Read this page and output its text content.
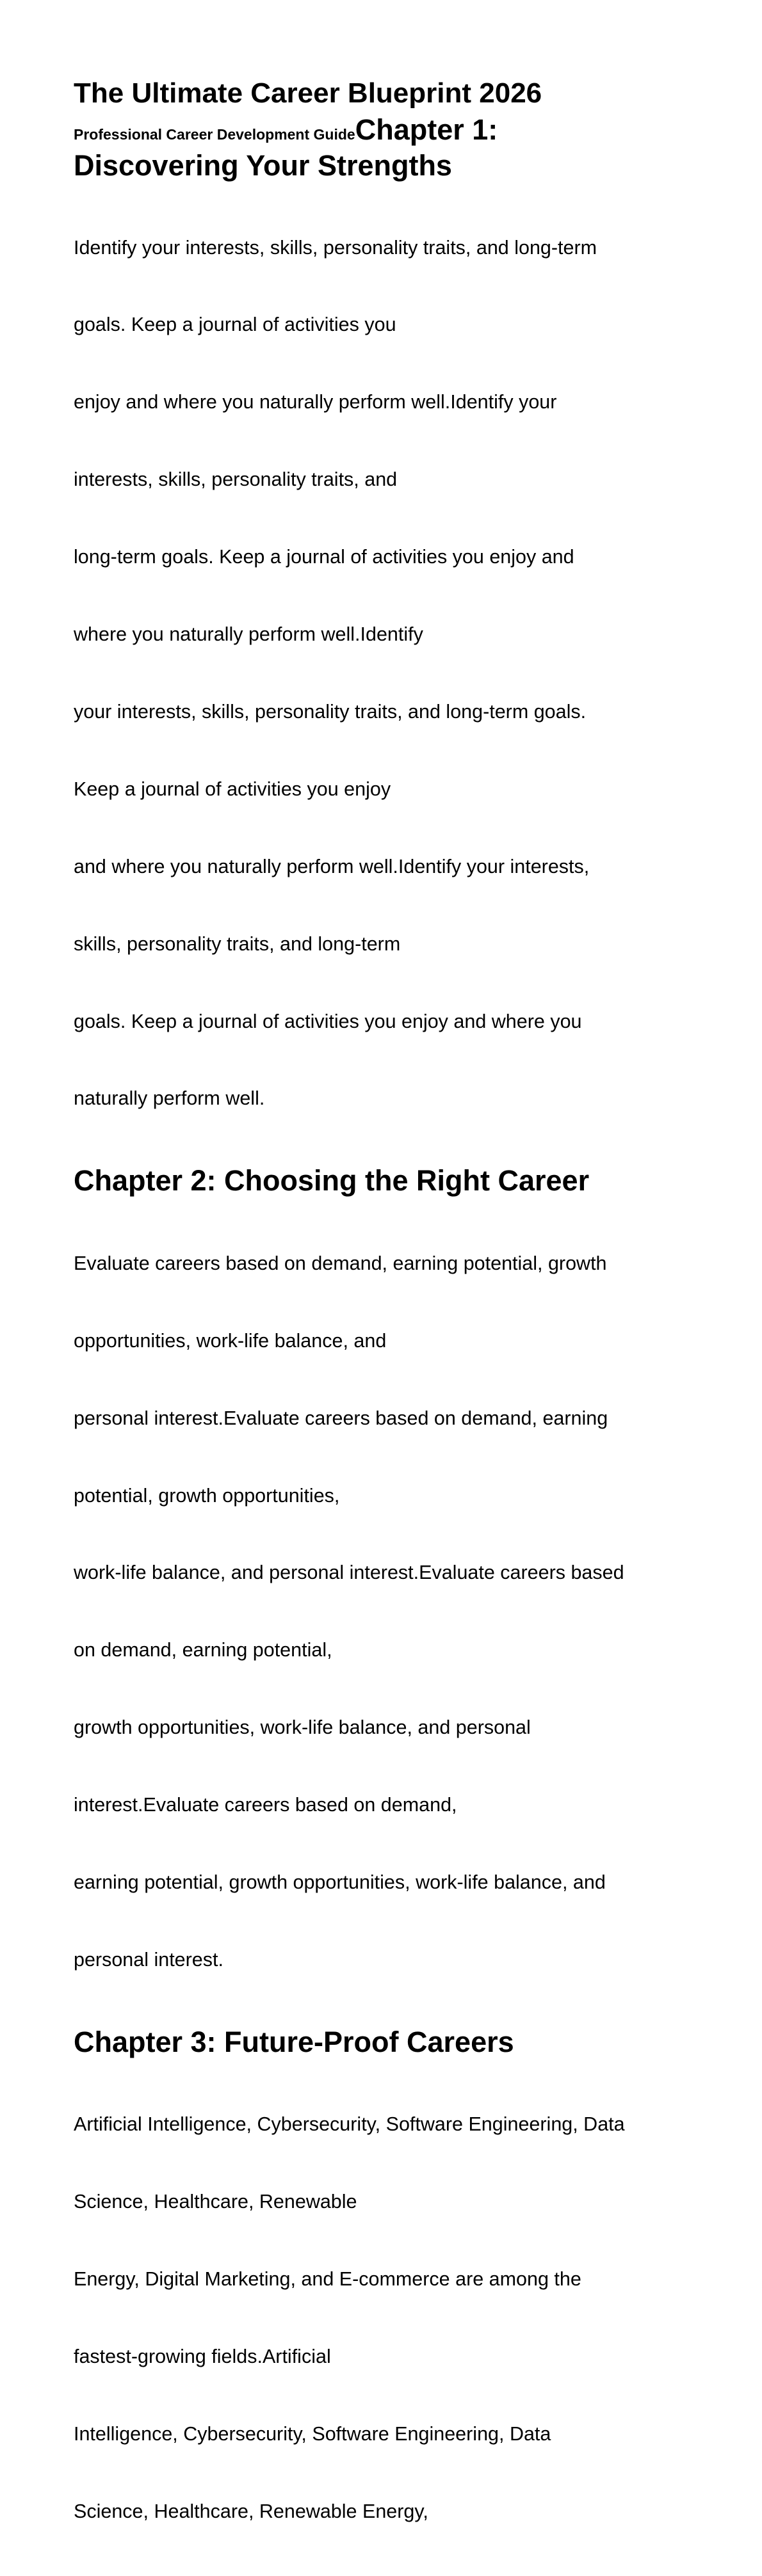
The Ultimate Career Blueprint 2026
Professional Career Development GuideChapter 1:
Discovering Your Strengths

Identify your interests, skills, personality traits, and long-term

goals. Keep a journal of activities you

enjoy and where you naturally perform well.Identify your

interests, skills, personality traits, and

long-term goals. Keep a journal of activities you enjoy and

where you naturally perform well.Identify

your interests, skills, personality traits, and long-term goals.

Keep a journal of activities you enjoy

and where you naturally perform well.Identify your interests,

skills, personality traits, and long-term

goals. Keep a journal of activities you enjoy and where you

naturally perform well.

Chapter 2: Choosing the Right Career

Evaluate careers based on demand, earning potential, growth

opportunities, work-life balance, and

personal interest.Evaluate careers based on demand, earning

potential, growth opportunities,

work-life balance, and personal interest.Evaluate careers based

on demand, earning potential,

growth opportunities, work-life balance, and personal

interest.Evaluate careers based on demand,

earning potential, growth opportunities, work-life balance, and

personal interest.

Chapter 3: Future-Proof Careers

Artificial Intelligence, Cybersecurity, Software Engineering, Data

Science, Healthcare, Renewable

Energy, Digital Marketing, and E-commerce are among the

fastest-growing fields.Artificial

Intelligence, Cybersecurity, Software Engineering, Data

Science, Healthcare, Renewable Energy,
